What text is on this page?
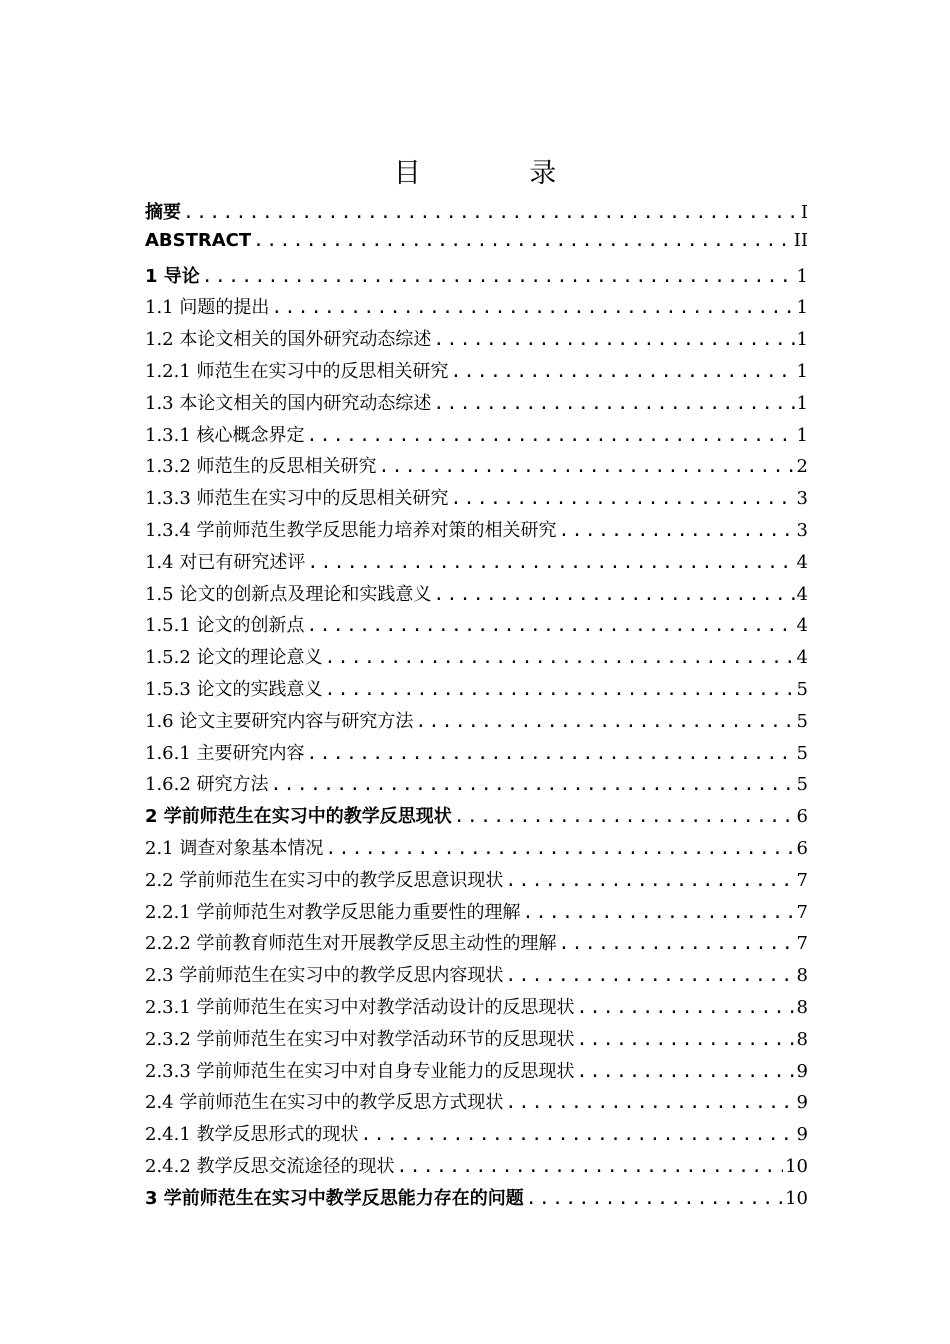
目 录
摘要 .....	I
ABSTRACT .....	II
1 导论 .....	1
1.1 问题的提出 .....	1
1.2 本论文相关的国外研究动态综述 .....	1
1.2.1 师范生在实习中的反思相关研究 .....	1
1.3 本论文相关的国内研究动态综述 .....	1
1.3.1 核心概念界定 .....	1
1.3.2 师范生的反思相关研究 .....	2
1.3.3 师范生在实习中的反思相关研究 .....	3
1.3.4 学前师范生教学反思能力培养对策的相关研究 .....	3
1.4 对已有研究述评 .....	4
1.5 论文的创新点及理论和实践意义 .....	4
1.5.1 论文的创新点 .....	4
1.5.2 论文的理论意义 .....	4
1.5.3 论文的实践意义 .....	5
1.6 论文主要研究内容与研究方法 .....	5
1.6.1 主要研究内容 .....	5
1.6.2 研究方法 .....	5
2 学前师范生在实习中的教学反思现状 .....	6
2.1 调查对象基本情况 .....	6
2.2 学前师范生在实习中的教学反思意识现状 .....	7
2.2.1 学前师范生对教学反思能力重要性的理解 .....	7
2.2.2 学前教育师范生对开展教学反思主动性的理解 .....	7
2.3 学前师范生在实习中的教学反思内容现状 .....	8
2.3.1 学前师范生在实习中对教学活动设计的反思现状 .....	8
2.3.2 学前师范生在实习中对教学活动环节的反思现状 .....	8
2.3.3 学前师范生在实习中对自身专业能力的反思现状 .....	9
2.4 学前师范生在实习中的教学反思方式现状 .....	9
2.4.1 教学反思形式的现状 .....	9
2.4.2 教学反思交流途径的现状 .....	10
3 学前师范生在实习中教学反思能力存在的问题 .....	10
